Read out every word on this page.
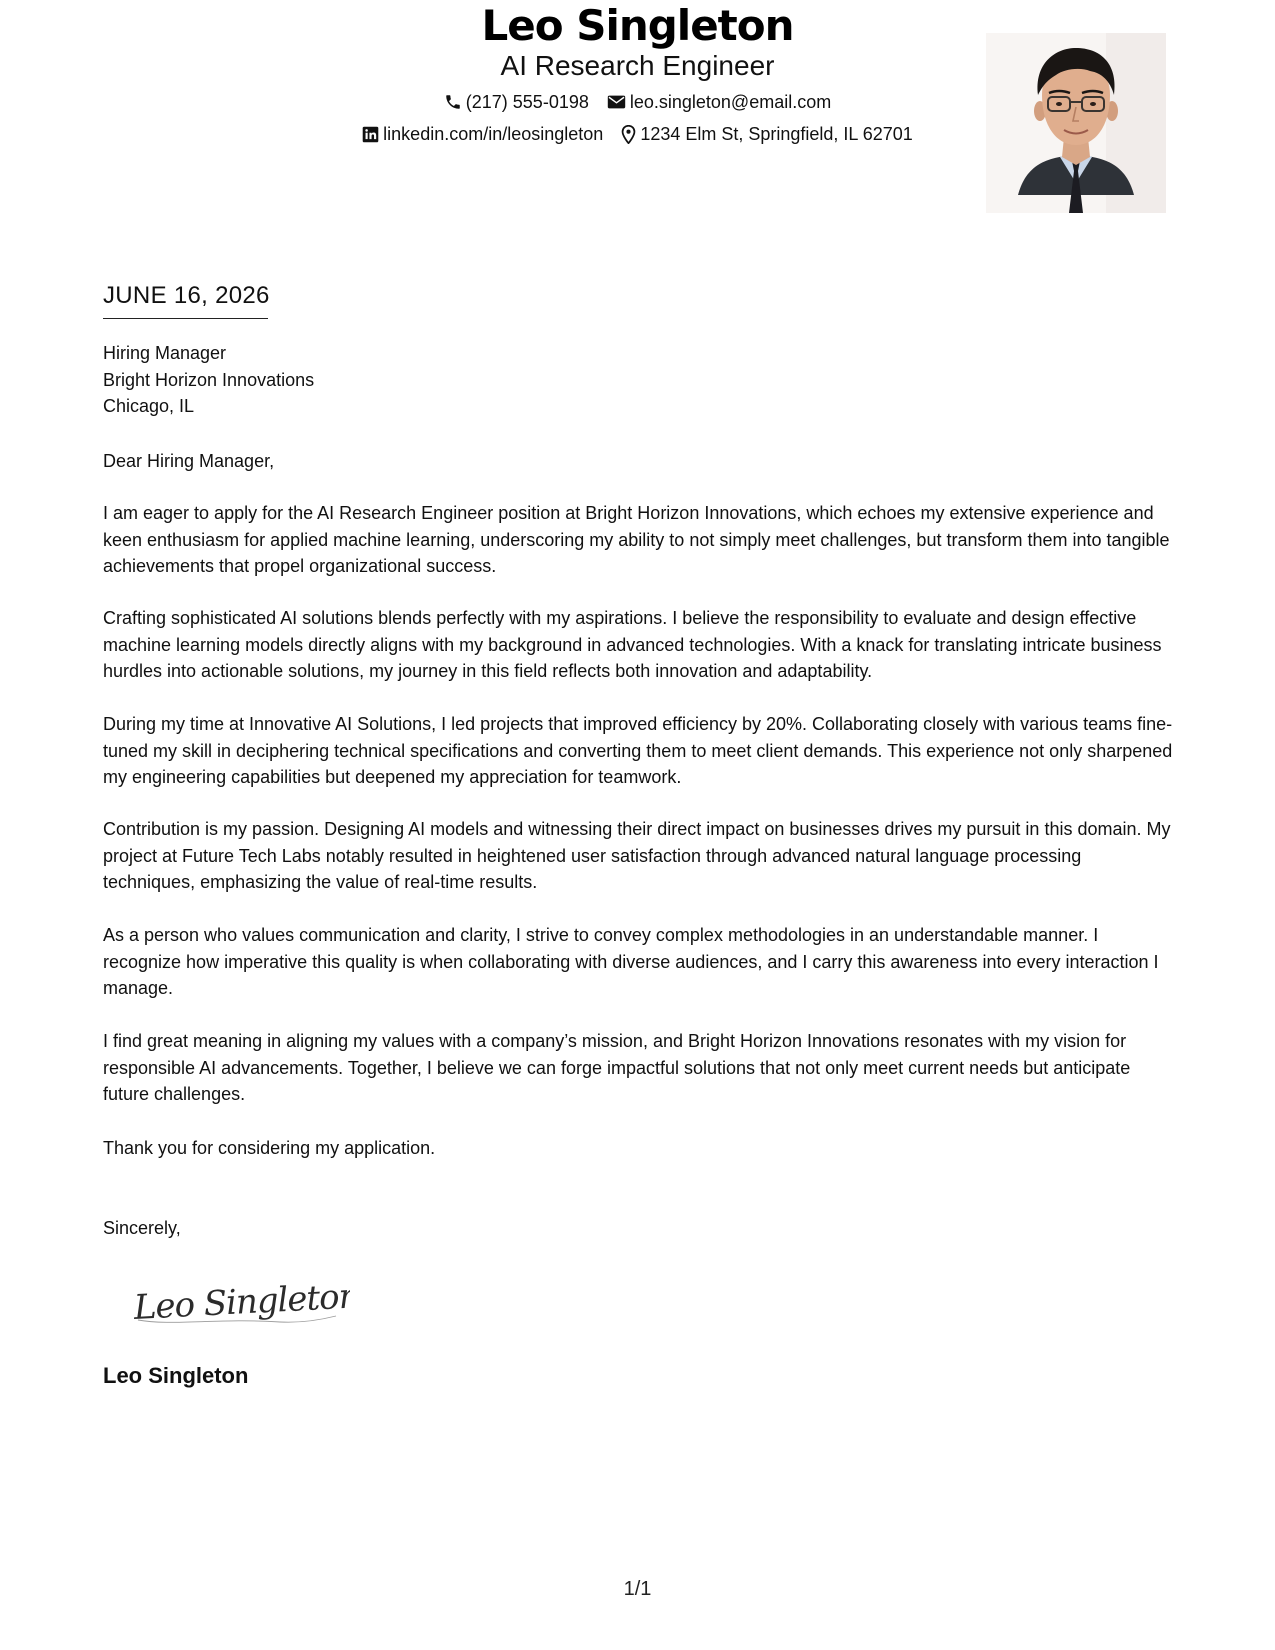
Leo Singleton
AI Research Engineer
(217) 555-0198 leo.singleton@email.com
linkedin.com/in/leosingleton 1234 Elm St, Springfield, IL 62701
JUNE 16, 2026
Hiring Manager
Bright Horizon Innovations
Chicago, IL
Dear Hiring Manager,
I am eager to apply for the AI Research Engineer position at Bright Horizon Innovations, which echoes my extensive experience and keen enthusiasm for applied machine learning, underscoring my ability to not simply meet challenges, but transform them into tangible achievements that propel organizational success.
Crafting sophisticated AI solutions blends perfectly with my aspirations. I believe the responsibility to evaluate and design effective machine learning models directly aligns with my background in advanced technologies. With a knack for translating intricate business hurdles into actionable solutions, my journey in this field reflects both innovation and adaptability.
During my time at Innovative AI Solutions, I led projects that improved efficiency by 20%. Collaborating closely with various teams fine-tuned my skill in deciphering technical specifications and converting them to meet client demands. This experience not only sharpened my engineering capabilities but deepened my appreciation for teamwork.
Contribution is my passion. Designing AI models and witnessing their direct impact on businesses drives my pursuit in this domain. My project at Future Tech Labs notably resulted in heightened user satisfaction through advanced natural language processing techniques, emphasizing the value of real-time results.
As a person who values communication and clarity, I strive to convey complex methodologies in an understandable manner. I recognize how imperative this quality is when collaborating with diverse audiences, and I carry this awareness into every interaction I manage.
I find great meaning in aligning my values with a company’s mission, and Bright Horizon Innovations resonates with my vision for responsible AI advancements. Together, I believe we can forge impactful solutions that not only meet current needs but anticipate future challenges.
Thank you for considering my application.
Sincerely,
Leo Singleton
Leo Singleton
1/1
